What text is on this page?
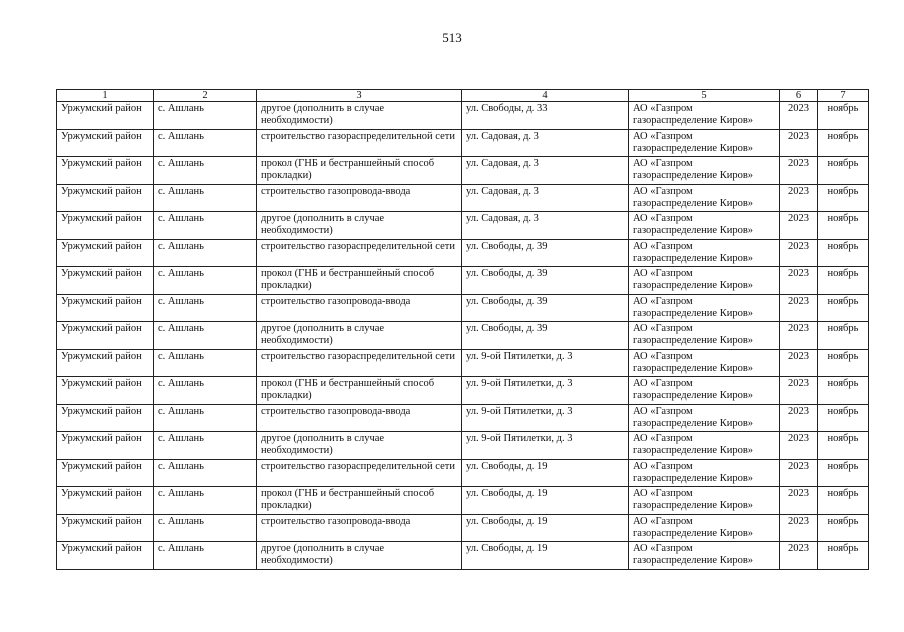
513
1	2	3	4	5	6	7
Уржумский район	с. Ашлань	другое (дополнить в случае необходимости)	ул. Свободы, д. 33	АО «Газпром газораспределение Киров»	2023	ноябрь
Уржумский район	с. Ашлань	строительство газораспределительной сети	ул. Садовая, д. 3	АО «Газпром газораспределение Киров»	2023	ноябрь
Уржумский район	с. Ашлань	прокол (ГНБ и бестраншейный способ прокладки)	ул. Садовая, д. 3	АО «Газпром газораспределение Киров»	2023	ноябрь
Уржумский район	с. Ашлань	строительство газопровода-ввода	ул. Садовая, д. 3	АО «Газпром газораспределение Киров»	2023	ноябрь
Уржумский район	с. Ашлань	другое (дополнить в случае необходимости)	ул. Садовая, д. 3	АО «Газпром газораспределение Киров»	2023	ноябрь
Уржумский район	с. Ашлань	строительство газораспределительной сети	ул. Свободы, д. 39	АО «Газпром газораспределение Киров»	2023	ноябрь
Уржумский район	с. Ашлань	прокол (ГНБ и бестраншейный способ прокладки)	ул. Свободы, д. 39	АО «Газпром газораспределение Киров»	2023	ноябрь
Уржумский район	с. Ашлань	строительство газопровода-ввода	ул. Свободы, д. 39	АО «Газпром газораспределение Киров»	2023	ноябрь
Уржумский район	с. Ашлань	другое (дополнить в случае необходимости)	ул. Свободы, д. 39	АО «Газпром газораспределение Киров»	2023	ноябрь
Уржумский район	с. Ашлань	строительство газораспределительной сети	ул. 9-ой Пятилетки, д. 3	АО «Газпром газораспределение Киров»	2023	ноябрь
Уржумский район	с. Ашлань	прокол (ГНБ и бестраншейный способ прокладки)	ул. 9-ой Пятилетки, д. 3	АО «Газпром газораспределение Киров»	2023	ноябрь
Уржумский район	с. Ашлань	строительство газопровода-ввода	ул. 9-ой Пятилетки, д. 3	АО «Газпром газораспределение Киров»	2023	ноябрь
Уржумский район	с. Ашлань	другое (дополнить в случае необходимости)	ул. 9-ой Пятилетки, д. 3	АО «Газпром газораспределение Киров»	2023	ноябрь
Уржумский район	с. Ашлань	строительство газораспределительной сети	ул. Свободы, д. 19	АО «Газпром газораспределение Киров»	2023	ноябрь
Уржумский район	с. Ашлань	прокол (ГНБ и бестраншейный способ прокладки)	ул. Свободы, д. 19	АО «Газпром газораспределение Киров»	2023	ноябрь
Уржумский район	с. Ашлань	строительство газопровода-ввода	ул. Свободы, д. 19	АО «Газпром газораспределение Киров»	2023	ноябрь
Уржумский район	с. Ашлань	другое (дополнить в случае необходимости)	ул. Свободы, д. 19	АО «Газпром газораспределение Киров»	2023	ноябрь
